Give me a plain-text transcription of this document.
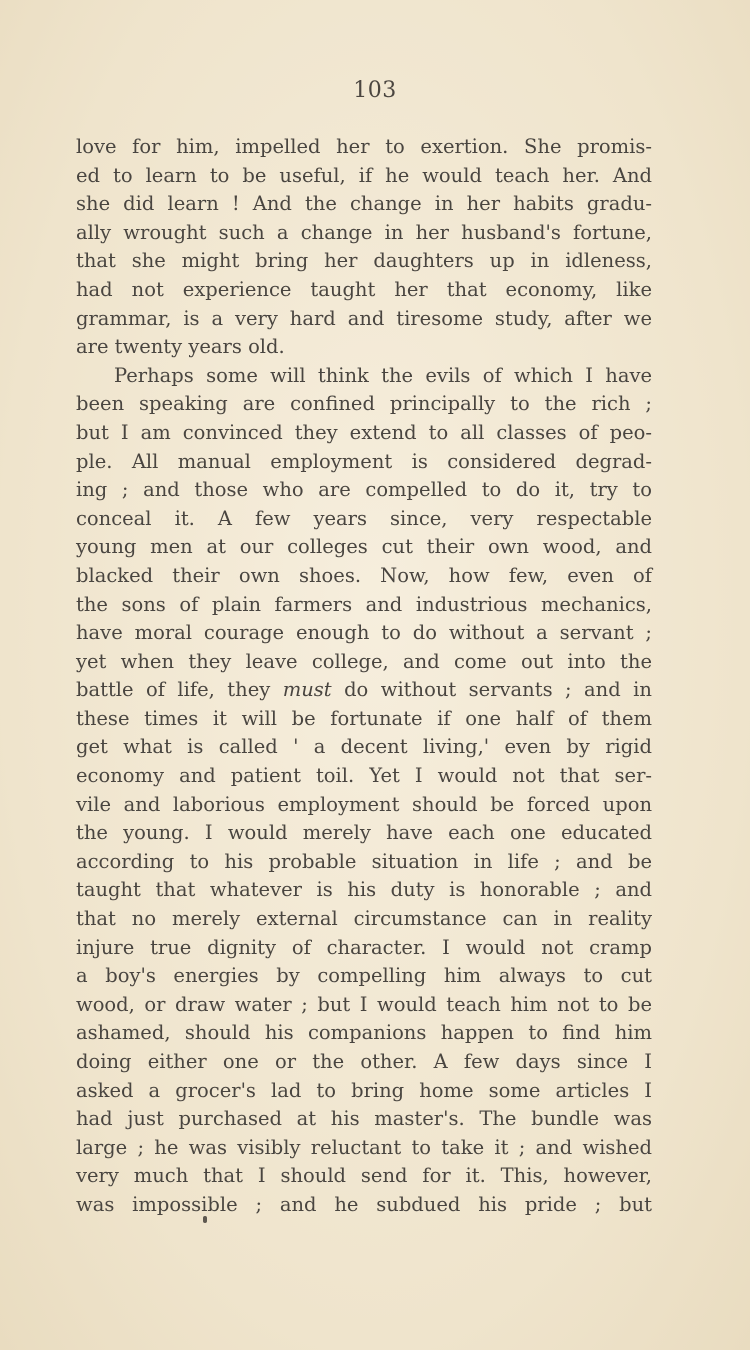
103
love for him, impelled her to exertion. She promis-
ed to learn to be useful, if he would teach her. And
she did learn ! And the change in her habits gradu-
ally wrought such a change in her husband's fortune,
that she might bring her daughters up in idleness,
had not experience taught her that economy, like
grammar, is a very hard and tiresome study, after we
are twenty years old.
Perhaps some will think the evils of which I have
been speaking are confined principally to the rich ;
but I am convinced they extend to all classes of peo-
ple. All manual employment is considered degrad-
ing ; and those who are compelled to do it, try to
conceal it. A few years since, very respectable
young men at our colleges cut their own wood, and
blacked their own shoes. Now, how few, even of
the sons of plain farmers and industrious mechanics,
have moral courage enough to do without a servant ;
yet when they leave college, and come out into the
battle of life, they must do without servants ; and in
these times it will be fortunate if one half of them
get what is called ' a decent living,' even by rigid
economy and patient toil. Yet I would not that ser-
vile and laborious employment should be forced upon
the young. I would merely have each one educated
according to his probable situation in life ; and be
taught that whatever is his duty is honorable ; and
that no merely external circumstance can in reality
injure true dignity of character. I would not cramp
a boy's energies by compelling him always to cut
wood, or draw water ; but I would teach him not to be
ashamed, should his companions happen to find him
doing either one or the other. A few days since I
asked a grocer's lad to bring home some articles I
had just purchased at his master's. The bundle was
large ; he was visibly reluctant to take it ; and wished
very much that I should send for it. This, however,
was impossible ; and he subdued his pride ; but
